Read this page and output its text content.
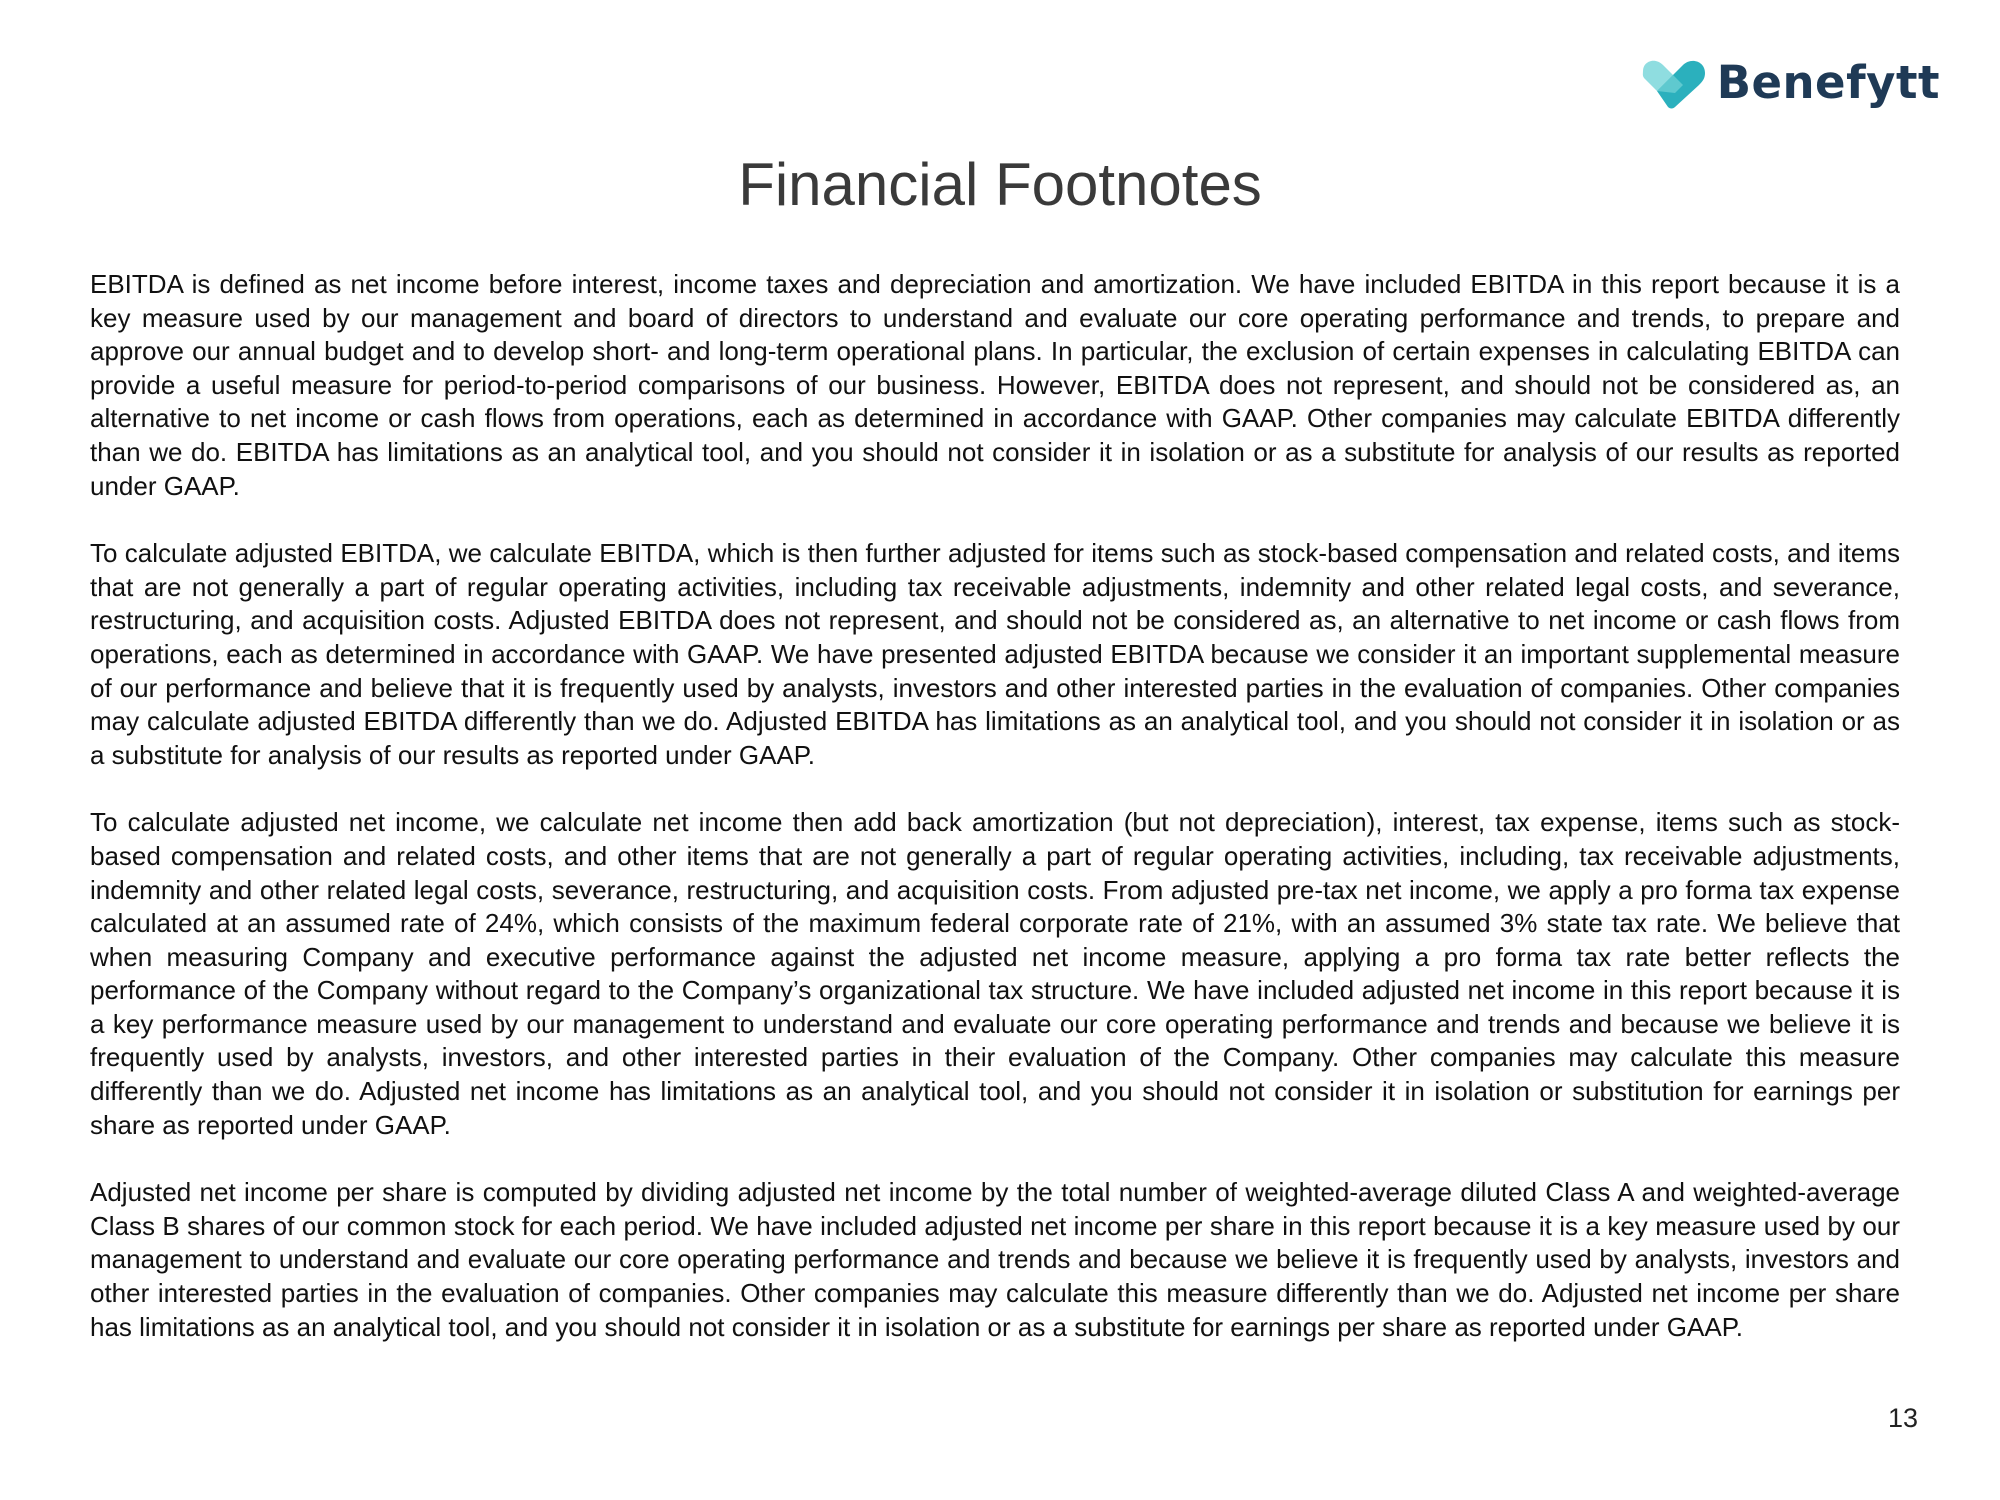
Benefytt
Financial Footnotes

EBITDA is defined as net income before interest, income taxes and depreciation and amortization. We have included EBITDA in this report because it is a key measure used by our management and board of directors to understand and evaluate our core operating performance and trends, to prepare and approve our annual budget and to develop short- and long-term operational plans. In particular, the exclusion of certain expenses in calculating EBITDA can provide a useful measure for period-to-period comparisons of our business. However, EBITDA does not represent, and should not be considered as, an alternative to net income or cash flows from operations, each as determined in accordance with GAAP. Other companies may calculate EBITDA differently than we do. EBITDA has limitations as an analytical tool, and you should not consider it in isolation or as a substitute for analysis of our results as reported under GAAP.

To calculate adjusted EBITDA, we calculate EBITDA, which is then further adjusted for items such as stock-based compensation and related costs, and items that are not generally a part of regular operating activities, including tax receivable adjustments, indemnity and other related legal costs, and severance, restructuring, and acquisition costs. Adjusted EBITDA does not represent, and should not be considered as, an alternative to net income or cash flows from operations, each as determined in accordance with GAAP. We have presented adjusted EBITDA because we consider it an important supplemental measure of our performance and believe that it is frequently used by analysts, investors and other interested parties in the evaluation of companies. Other companies may calculate adjusted EBITDA differently than we do. Adjusted EBITDA has limitations as an analytical tool, and you should not consider it in isolation or as a substitute for analysis of our results as reported under GAAP.

To calculate adjusted net income, we calculate net income then add back amortization (but not depreciation), interest, tax expense, items such as stock-based compensation and related costs, and other items that are not generally a part of regular operating activities, including, tax receivable adjustments, indemnity and other related legal costs, severance, restructuring, and acquisition costs. From adjusted pre-tax net income, we apply a pro forma tax expense calculated at an assumed rate of 24%, which consists of the maximum federal corporate rate of 21%, with an assumed 3% state tax rate. We believe that when measuring Company and executive performance against the adjusted net income measure, applying a pro forma tax rate better reflects the performance of the Company without regard to the Company’s organizational tax structure. We have included adjusted net income in this report because it is a key performance measure used by our management to understand and evaluate our core operating performance and trends and because we believe it is frequently used by analysts, investors, and other interested parties in their evaluation of the Company. Other companies may calculate this measure differently than we do. Adjusted net income has limitations as an analytical tool, and you should not consider it in isolation or substitution for earnings per share as reported under GAAP.

Adjusted net income per share is computed by dividing adjusted net income by the total number of weighted-average diluted Class A and weighted-average Class B shares of our common stock for each period. We have included adjusted net income per share in this report because it is a key measure used by our management to understand and evaluate our core operating performance and trends and because we believe it is frequently used by analysts, investors and other interested parties in the evaluation of companies. Other companies may calculate this measure differently than we do. Adjusted net income per share has limitations as an analytical tool, and you should not consider it in isolation or as a substitute for earnings per share as reported under GAAP.

13
